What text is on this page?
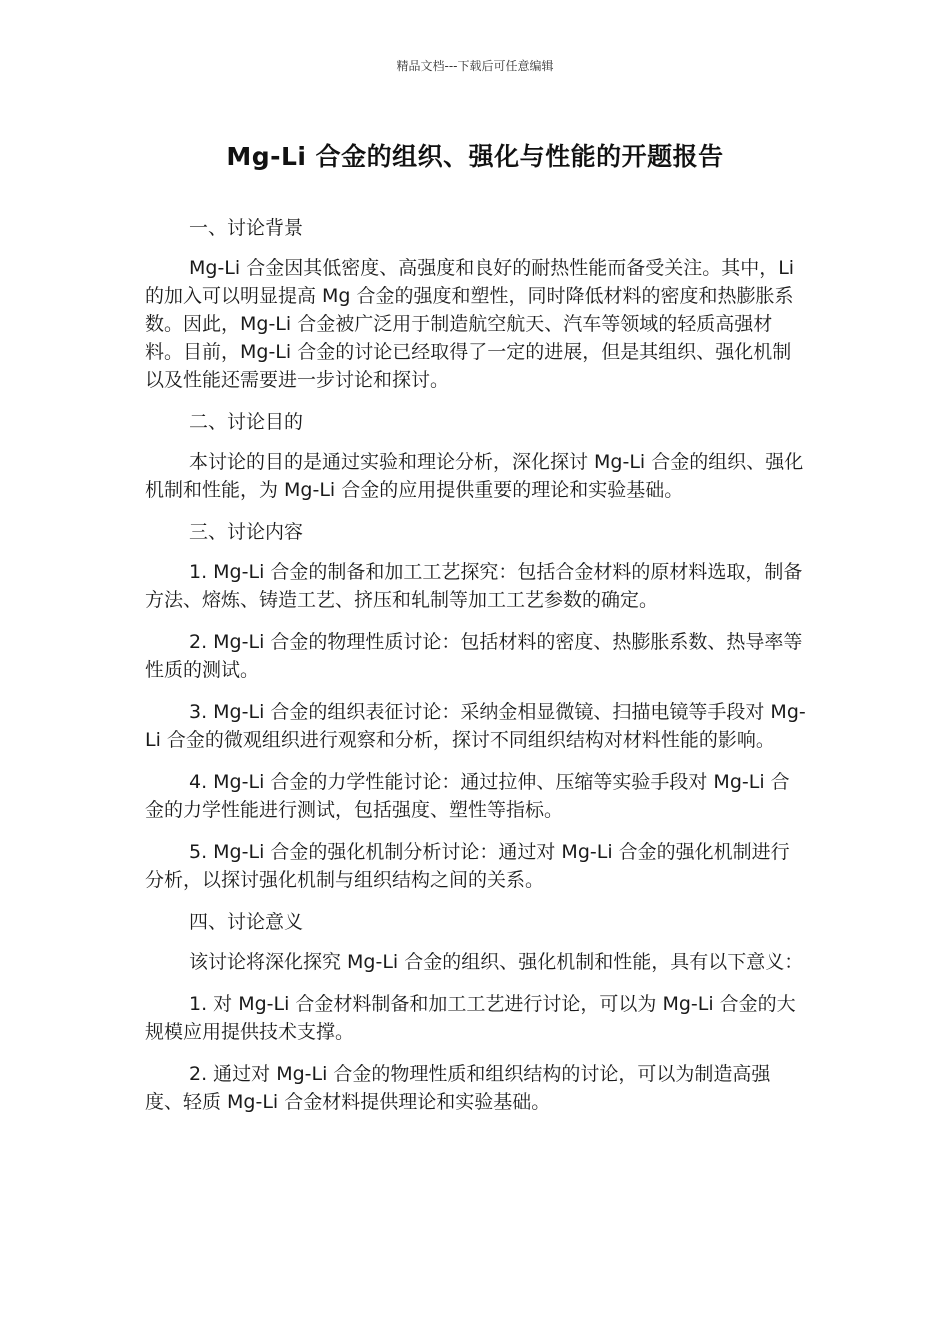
精品文档---下载后可任意编辑
Mg-Li 合金的组织、强化与性能的开题报告

一、讨论背景

Mg-Li 合金因其低密度、高强度和良好的耐热性能而备受关注。其中，Li 的加入可以明显提高 Mg 合金的强度和塑性，同时降低材料的密度和热膨胀系数。因此，Mg-Li 合金被广泛用于制造航空航天、汽车等领域的轻质高强材料。目前，Mg-Li 合金的讨论已经取得了一定的进展，但是其组织、强化机制以及性能还需要进一步讨论和探讨。

二、讨论目的

本讨论的目的是通过实验和理论分析，深化探讨 Mg-Li 合金的组织、强化机制和性能，为 Mg-Li 合金的应用提供重要的理论和实验基础。

三、讨论内容

1. Mg-Li 合金的制备和加工工艺探究：包括合金材料的原材料选取，制备方法、熔炼、铸造工艺、挤压和轧制等加工工艺参数的确定。

2. Mg-Li 合金的物理性质讨论：包括材料的密度、热膨胀系数、热导率等性质的测试。

3. Mg-Li 合金的组织表征讨论：采纳金相显微镜、扫描电镜等手段对 Mg-Li 合金的微观组织进行观察和分析，探讨不同组织结构对材料性能的影响。

4. Mg-Li 合金的力学性能讨论：通过拉伸、压缩等实验手段对 Mg-Li 合金的力学性能进行测试，包括强度、塑性等指标。

5. Mg-Li 合金的强化机制分析讨论：通过对 Mg-Li 合金的强化机制进行分析，以探讨强化机制与组织结构之间的关系。

四、讨论意义

该讨论将深化探究 Mg-Li 合金的组织、强化机制和性能，具有以下意义：

1. 对 Mg-Li 合金材料制备和加工工艺进行讨论，可以为 Mg-Li 合金的大规模应用提供技术支撑。

2. 通过对 Mg-Li 合金的物理性质和组织结构的讨论，可以为制造高强度、轻质 Mg-Li 合金材料提供理论和实验基础。
